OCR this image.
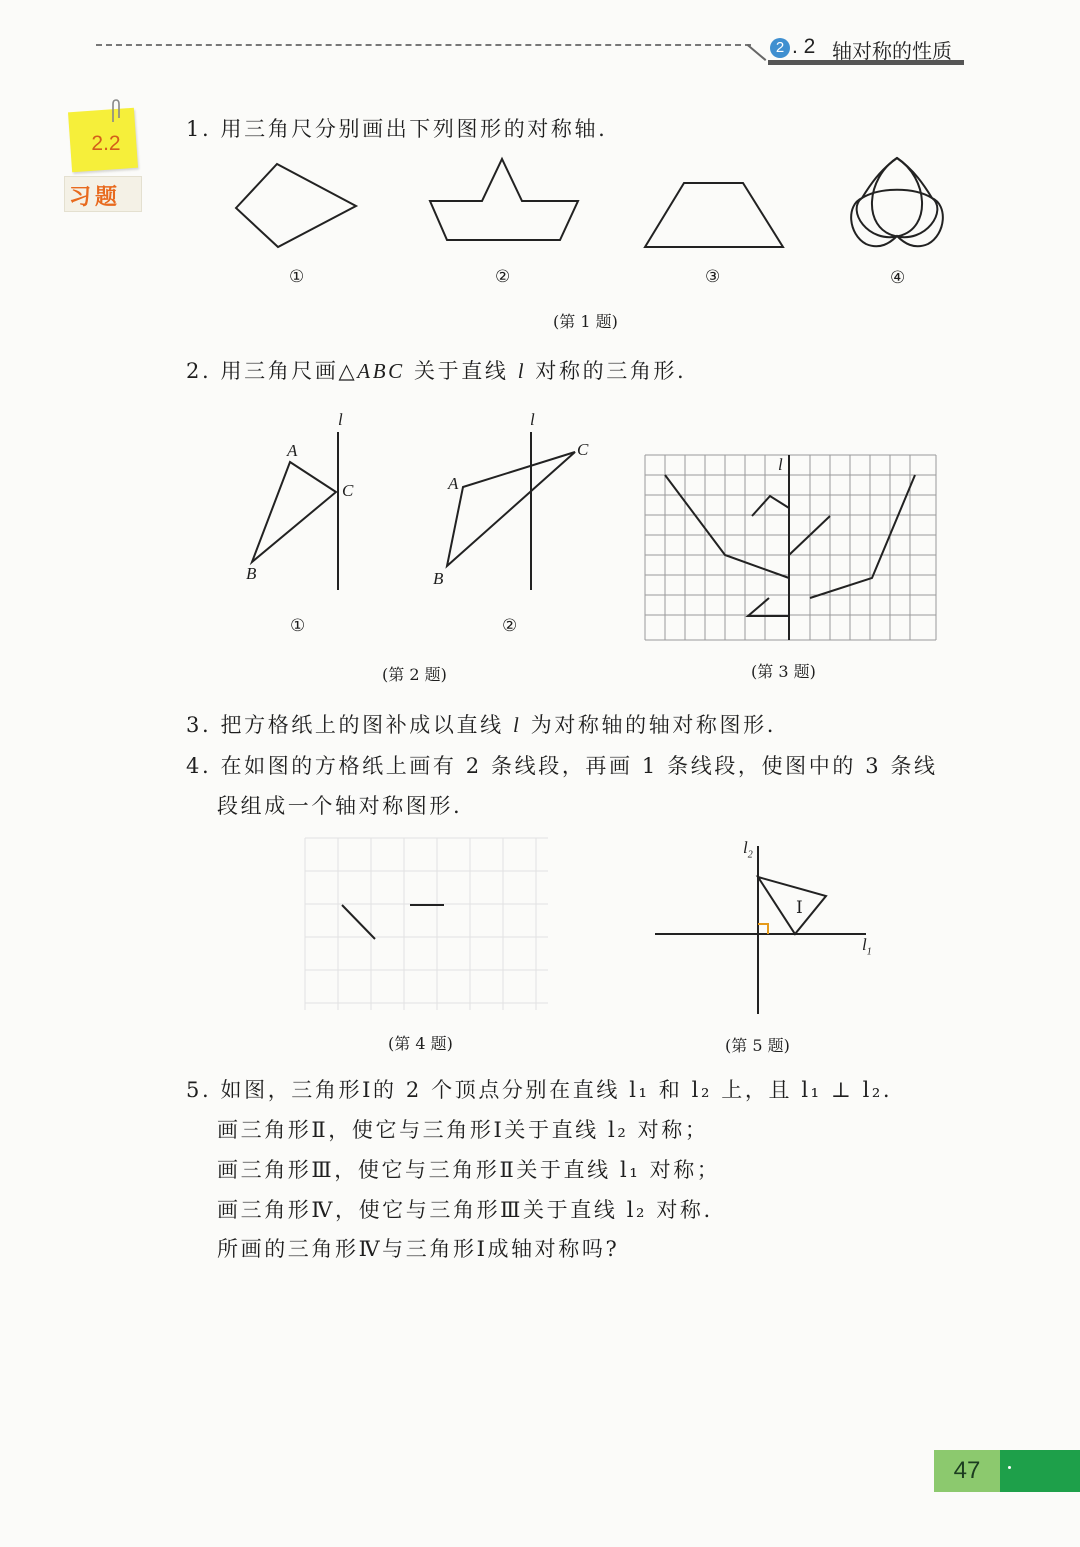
2 . 2 轴对称的性质
2.2
习题
1. 用三角尺分别画出下列图形的对称轴.
①	②	③	④
(第 1 题)
2. 用三角尺画△ABC 关于直线 l 对称的三角形.
l
A
C
B
①
l
A
C
B
②
(第 2 题)
l
(第 3 题)
3. 把方格纸上的图补成以直线 l 为对称轴的轴对称图形.
4. 在如图的方格纸上画有 2 条线段，再画 1 条线段，使图中的 3 条线
段组成一个轴对称图形.
(第 4 题)
$l_2$
$l_1$
I
(第 5 题)
5. 如图，三角形Ⅰ的 2 个顶点分别在直线 l₁ 和 l₂ 上，且 l₁ ⊥ l₂.
画三角形Ⅱ，使它与三角形Ⅰ关于直线 l₂ 对称；
画三角形Ⅲ，使它与三角形Ⅱ关于直线 l₁ 对称；
画三角形Ⅳ，使它与三角形Ⅲ关于直线 l₂ 对称.
所画的三角形Ⅳ与三角形Ⅰ成轴对称吗?
47
